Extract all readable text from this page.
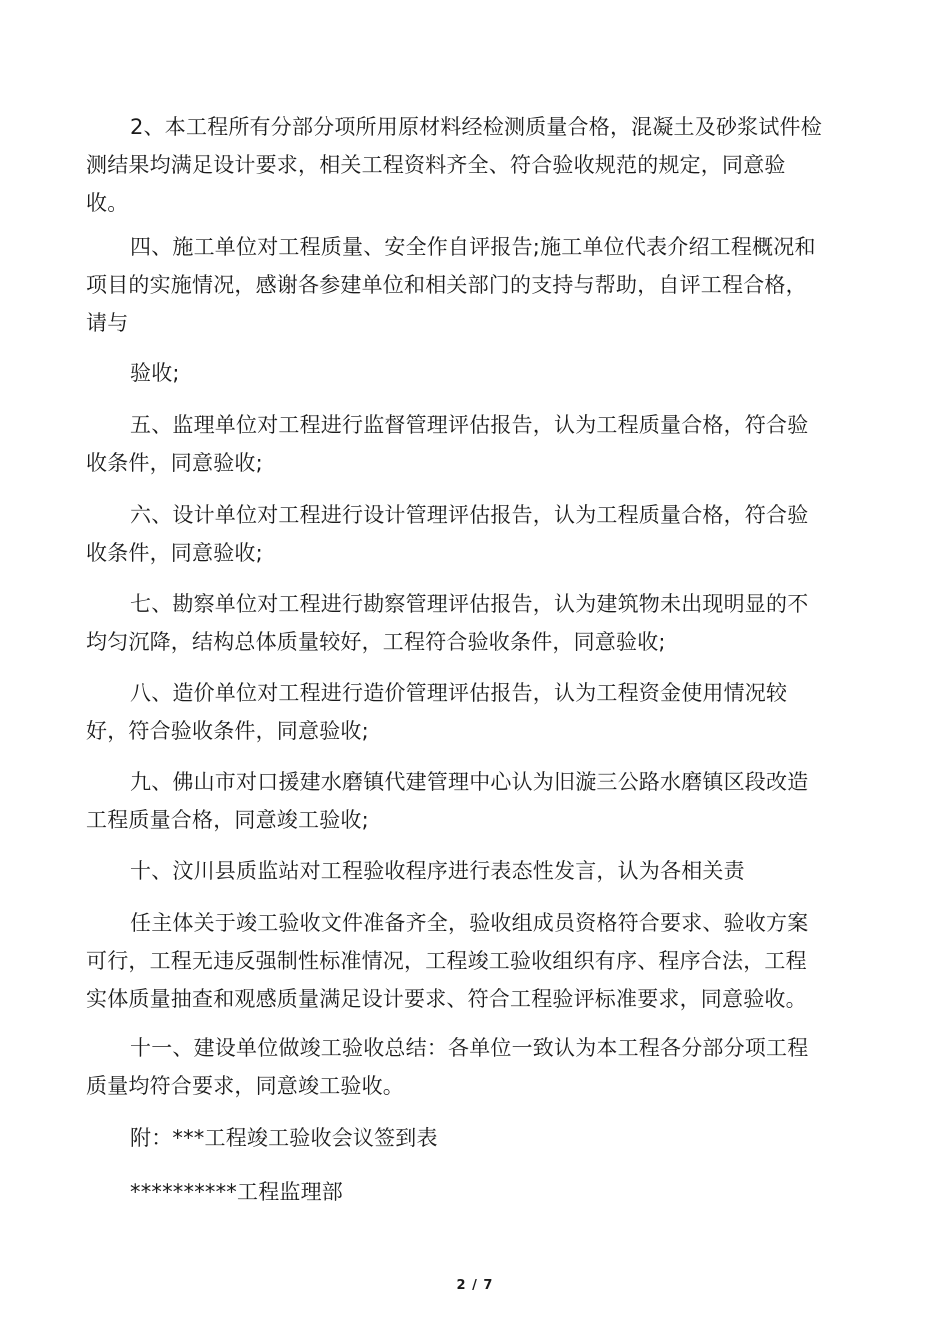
2、本工程所有分部分项所用原材料经检测质量合格，混凝土及砂浆试件检
测结果均满足设计要求，相关工程资料齐全、符合验收规范的规定，同意验
收。

四、施工单位对工程质量、安全作自评报告;施工单位代表介绍工程概况和
项目的实施情况，感谢各参建单位和相关部门的支持与帮助，自评工程合格，
请与

验收;

五、监理单位对工程进行监督管理评估报告，认为工程质量合格，符合验
收条件，同意验收;

六、设计单位对工程进行设计管理评估报告，认为工程质量合格，符合验
收条件，同意验收;

七、勘察单位对工程进行勘察管理评估报告，认为建筑物未出现明显的不
均匀沉降，结构总体质量较好，工程符合验收条件，同意验收;

八、造价单位对工程进行造价管理评估报告，认为工程资金使用情况较
好，符合验收条件，同意验收;

九、佛山市对口援建水磨镇代建管理中心认为旧漩三公路水磨镇区段改造
工程质量合格，同意竣工验收;

十、汶川县质监站对工程验收程序进行表态性发言，认为各相关责

任主体关于竣工验收文件准备齐全，验收组成员资格符合要求、验收方案
可行，工程无违反强制性标准情况，工程竣工验收组织有序、程序合法，工程
实体质量抽查和观感质量满足设计要求、符合工程验评标准要求，同意验收。

十一、建设单位做竣工验收总结：各单位一致认为本工程各分部分项工程
质量均符合要求，同意竣工验收。

附：***工程竣工验收会议签到表

**********工程监理部

2 / 7
